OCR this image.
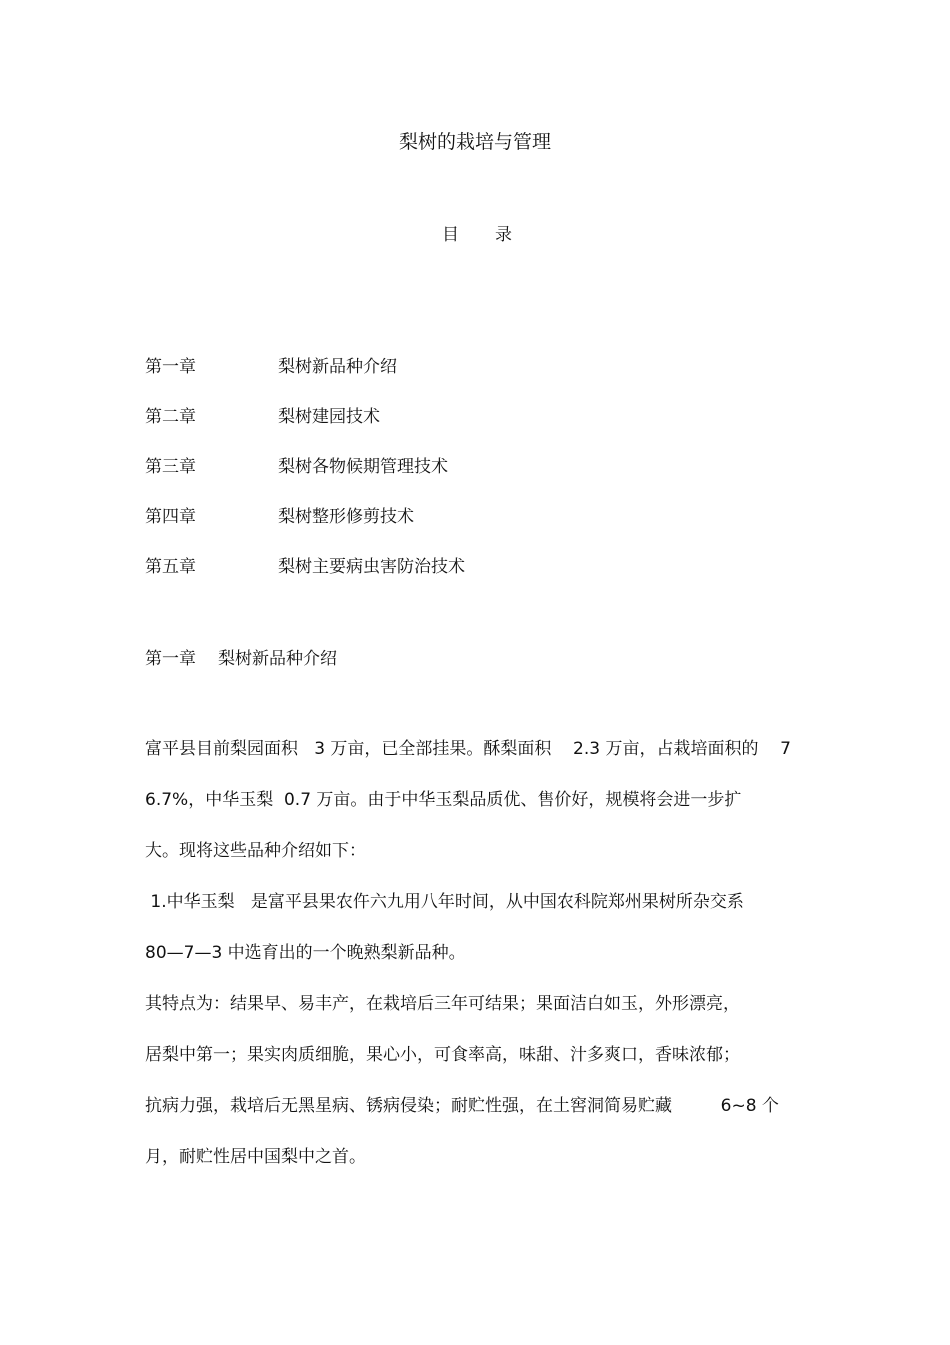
梨树的栽培与管理
目 录
第一章	梨树新品种介绍
第二章	梨树建园技术
第三章	梨树各物候期管理技术
第四章	梨树整形修剪技术
第五章	梨树主要病虫害防治技术
第一章 梨树新品种介绍
富平县目前梨园面积   3 万亩，已全部挂果。酥梨面积    2.3 万亩，占栽培面积的    7
6.7%，中华玉梨  0.7 万亩。由于中华玉梨品质优、售价好，规模将会进一步扩
大。现将这些品种介绍如下：
1.中华玉梨   是富平县果农仵六九用八年时间，从中国农科院郑州果树所杂交系
80—7—3 中选育出的一个晚熟梨新品种。
其特点为：结果早、易丰产，在栽培后三年可结果；果面洁白如玉，外形漂亮，
居梨中第一；果实肉质细脆，果心小，可食率高，味甜、汁多爽口，香味浓郁；
抗病力强，栽培后无黑星病、锈病侵染；耐贮性强，在土窖洞简易贮藏         6~8 个
月，耐贮性居中国梨中之首。
